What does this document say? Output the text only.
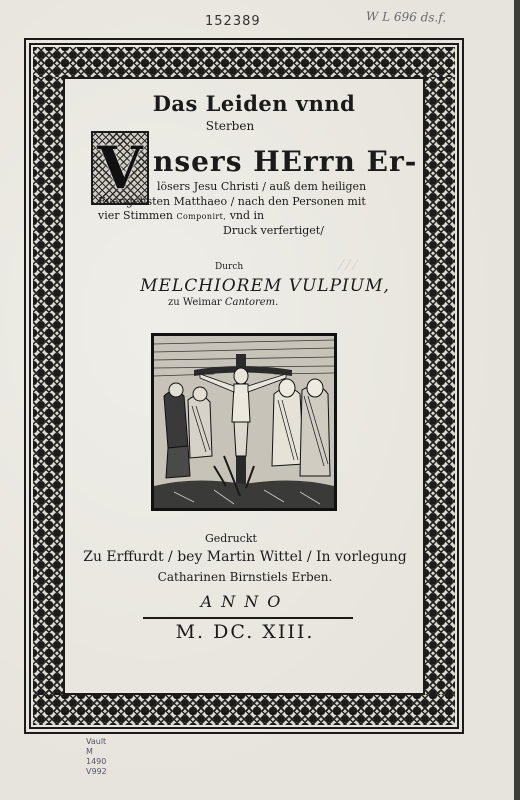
152389	W L 696 ds.f.
⁄ ⁄ ⁄
Das Leiden vnnd
Sterben
V nsers HErrn Er-
lösers Jesu Christi / auß dem heiligen
Evangelisten Matthaeo / nach den Personen mit
vier Stimmen Componirt, vnd in
Druck verfertiget/
Durch
MELCHIOREM VULPIUM,
zu Weimar Cantorem.
Gedruckt
Zu Erffurdt / bey Martin Wittel / In vorlegung
Catharinen Birnstiels Erben.
ANNO
M. DC. XIII.
Vault
M
1490
V992
